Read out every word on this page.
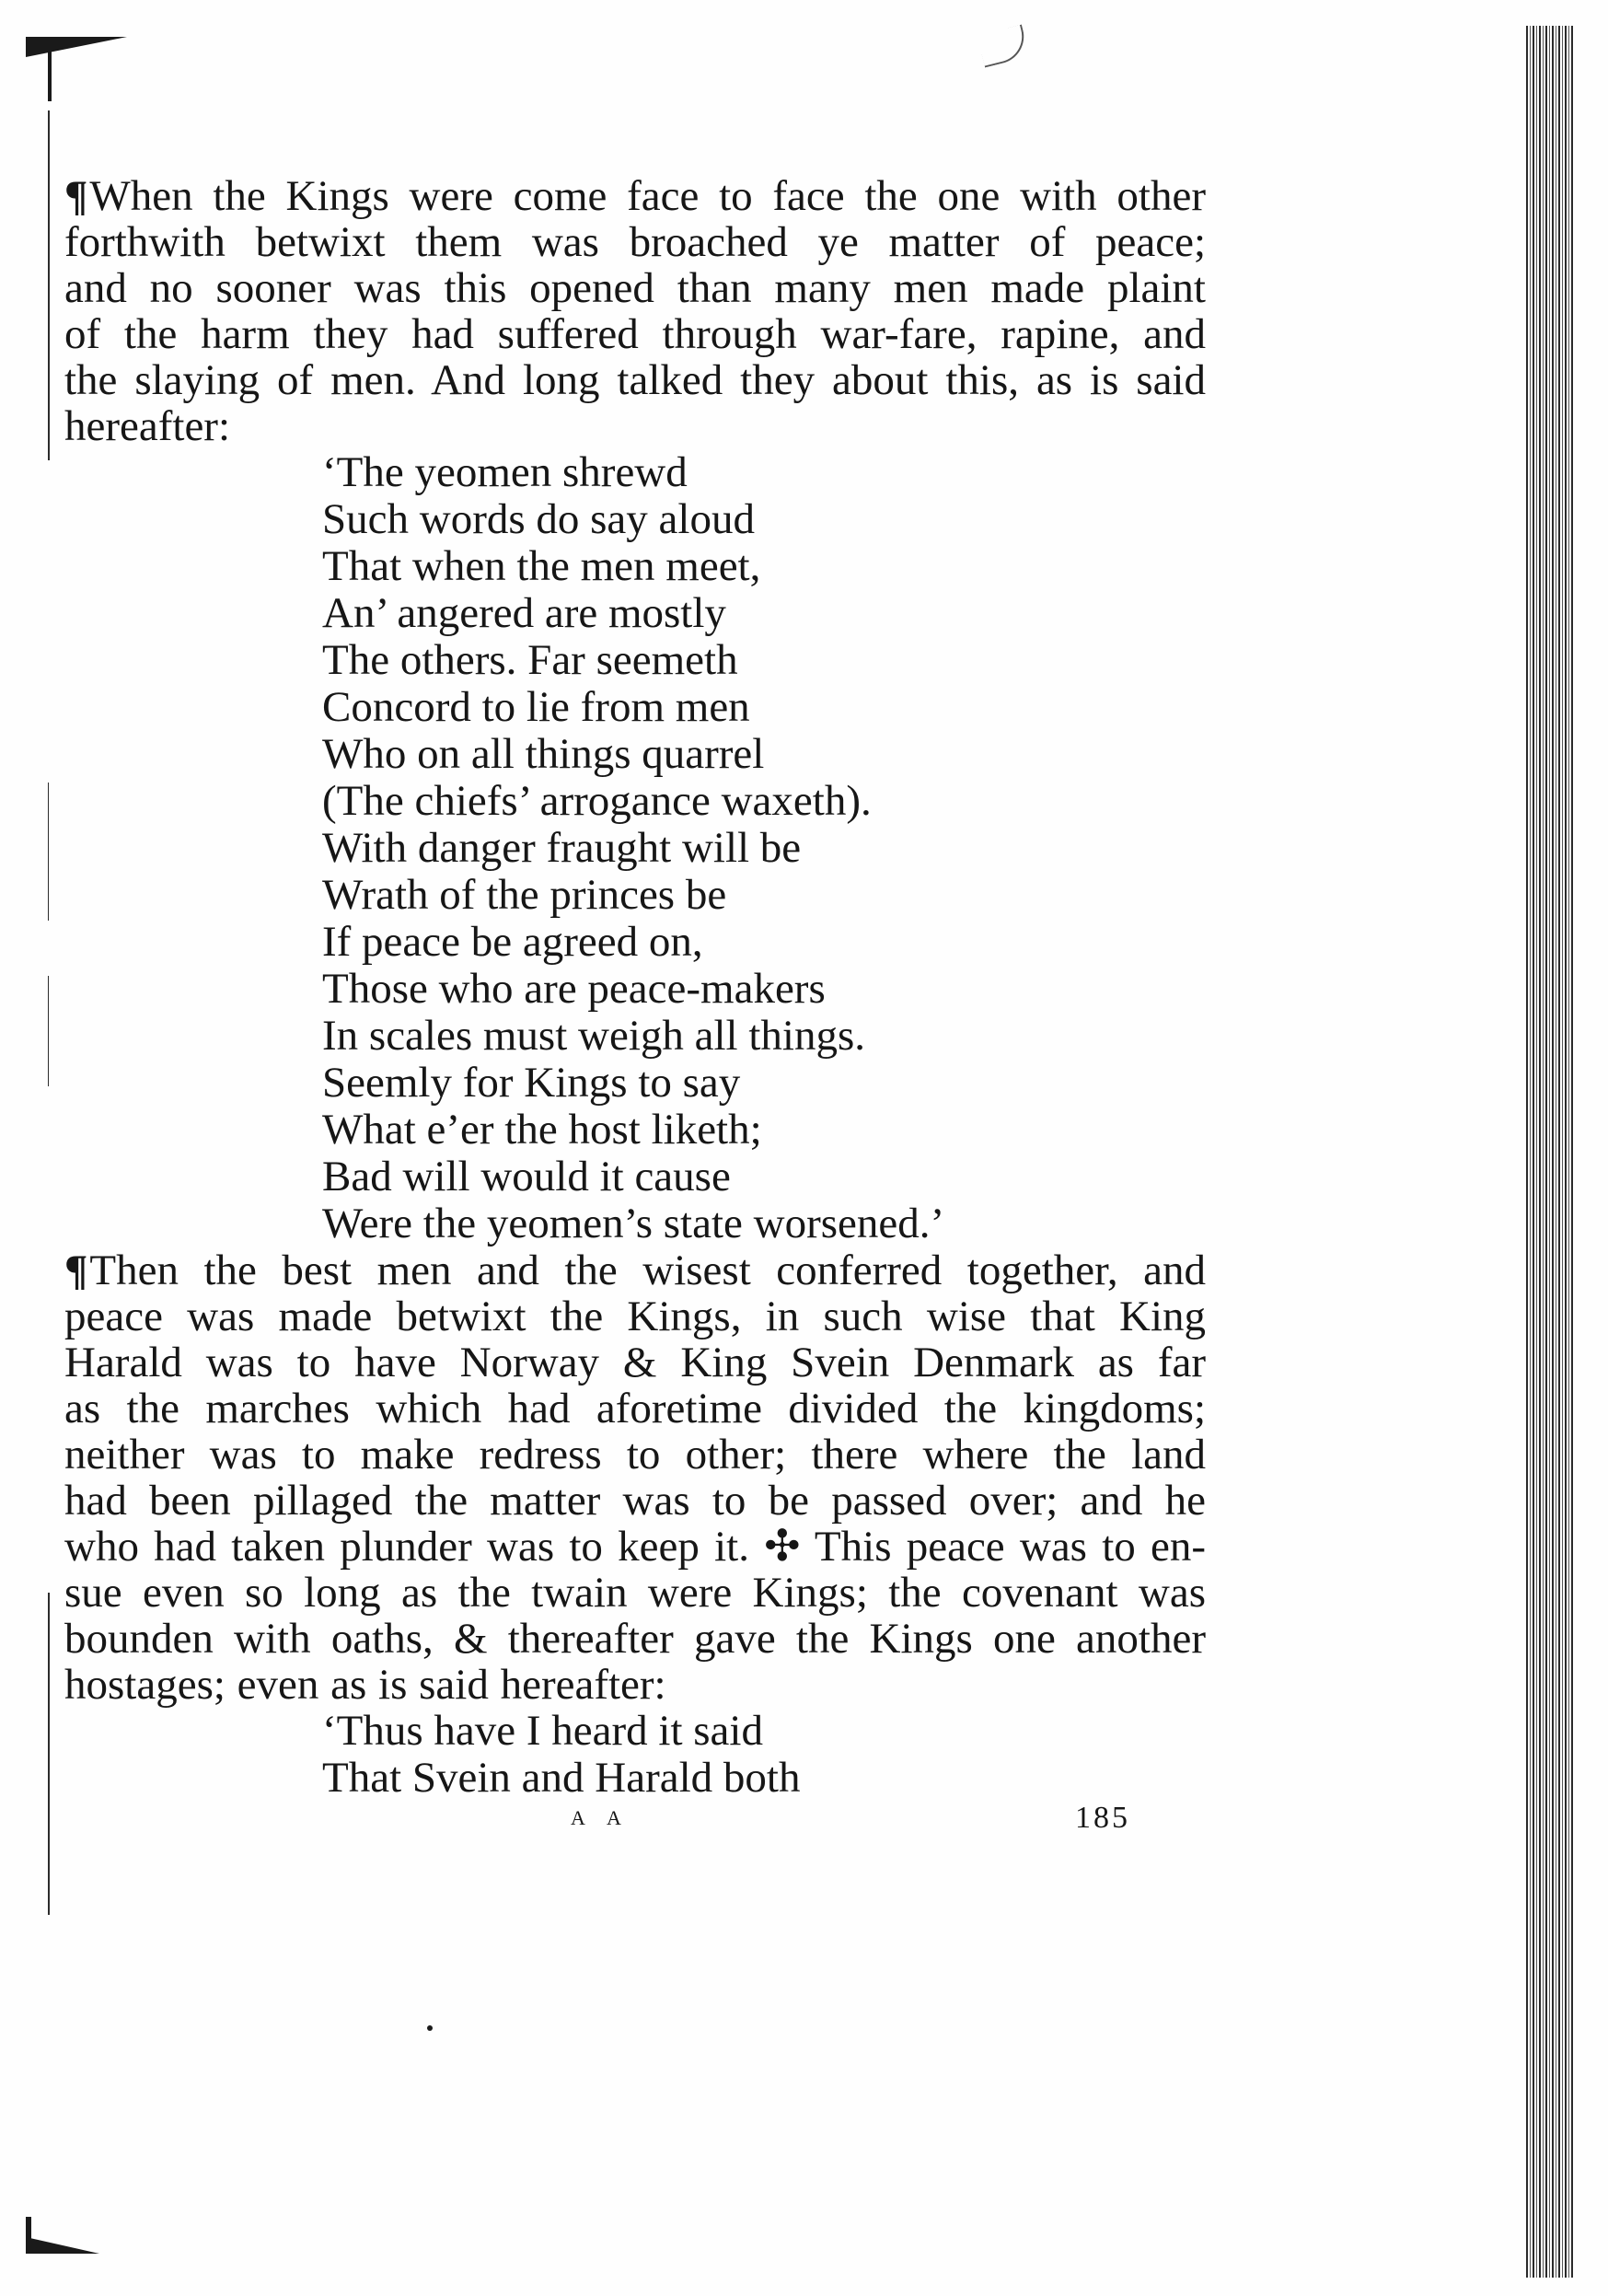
¶When the Kings were come face to face the one with other
forthwith betwixt them was broached ye matter of peace;
and no sooner was this opened than many men made plaint
of the harm they had suffered through war-fare, rapine, and
the slaying of men. And long talked they about this, as is said
hereafter:
‘The yeomen shrewd
Such words do say aloud
That when the men meet,
An’ angered are mostly
The others. Far seemeth
Concord to lie from men
Who on all things quarrel
(The chiefs’ arrogance waxeth).
With danger fraught will be
Wrath of the princes be
If peace be agreed on,
Those who are peace-makers
In scales must weigh all things.
Seemly for Kings to say
What e’er the host liketh;
Bad will would it cause
Were the yeomen’s state worsened.’
¶Then the best men and the wisest conferred together, and
peace was made betwixt the Kings, in such wise that King
Harald was to have Norway & King Svein Denmark as far
as the marches which had aforetime divided the kingdoms;
neither was to make redress to other; there where the land
had been pillaged the matter was to be passed over; and he
who had taken plunder was to keep it. ✣ This peace was to en-
sue even so long as the twain were Kings; the covenant was
bounden with oaths, & thereafter gave the Kings one another
hostages; even as is said hereafter:
‘Thus have I heard it said
That Svein and Harald both
A A	185
